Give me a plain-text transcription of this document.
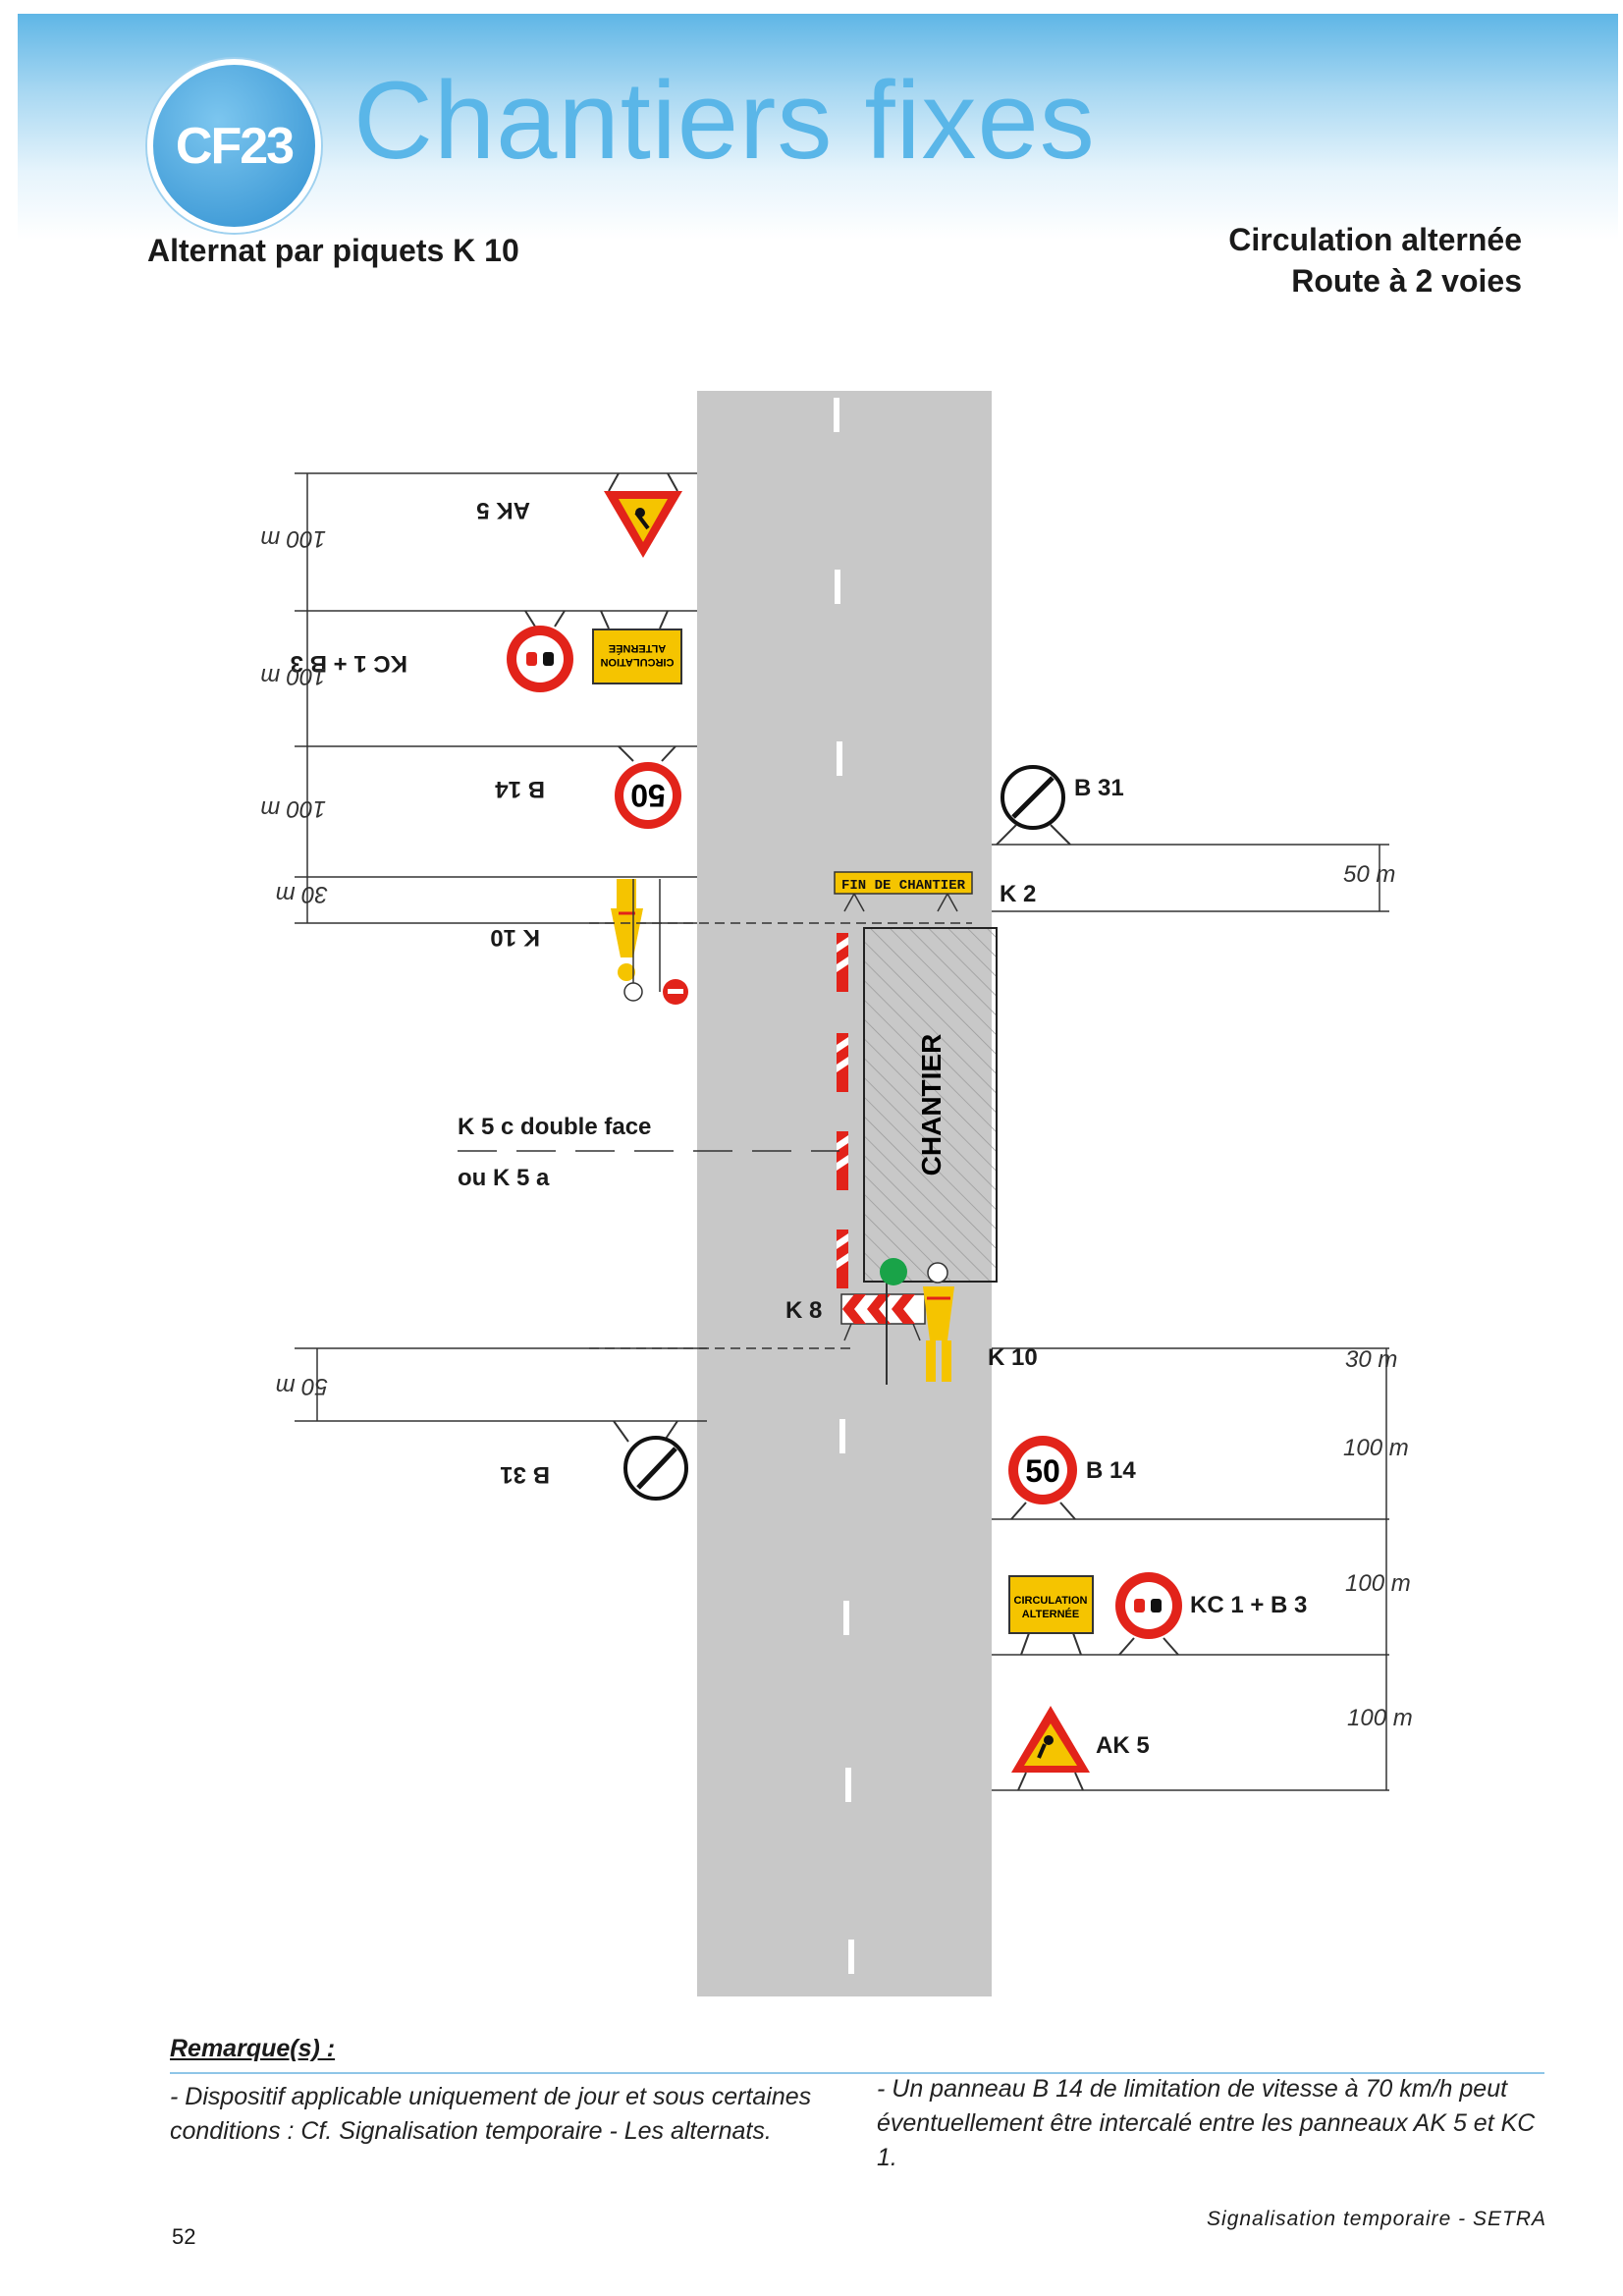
CF23 Chantiers fixes
Alternat par piquets K 10	Circulation alternée
Route à 2 voies
AK 5
CIRCULATION
ALTERNÉE
KC 1 + B 3
50
B 14
K 10
B 31
100 m
100 m
100 m
30 m
50 m
CHANTIER
K 5 c double face
ou K 5 a
FIN DE CHANTIER K 2
K 8
K 10
B 31
50 B 14
CIRCULATION
ALTERNÉE	KC 1 + B 3
AK 5
50 m
30 m
100 m
100 m
100 m
Remarque(s) :
- Dispositif applicable uniquement de jour et sous certaines conditions : Cf. Signalisation temporaire - Les alternats.
- Un panneau B 14 de limitation de vitesse à 70 km/h peut éventuellement être intercalé entre les panneaux AK 5 et KC 1.
52
Signalisation temporaire - SETRA
